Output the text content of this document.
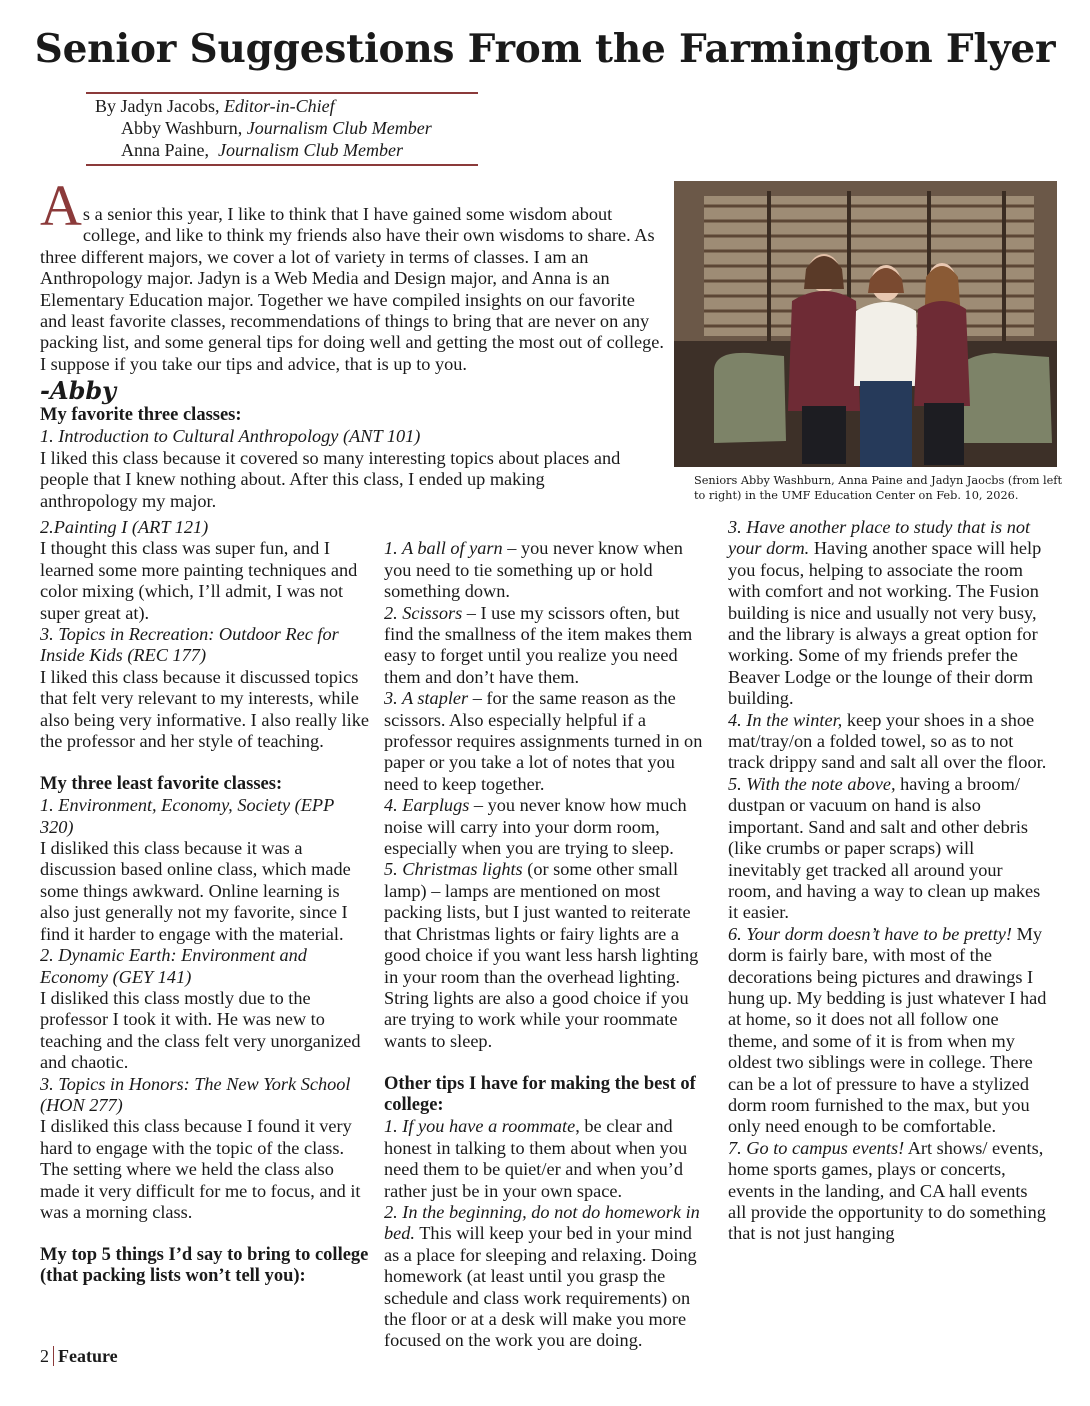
Senior Suggestions From the Farmington Flyer
By Jadyn Jacobs, Editor-in-Chief
Abby Washburn, Journalism Club Member
Anna Paine,  Journalism Club Member
Seniors Abby Washburn, Anna Paine and Jadyn Jaocbs (from left to right) in the UMF Education Center on Feb. 10, 2026.
A s a senior this year, I like to think that I have gained some wisdom about college, and like to think my friends also have their own wisdoms to share. As three different majors, we cover a lot of variety in terms of classes. I am an Anthropology major. Jadyn is a Web Media and Design major, and Anna is an Elementary Education major. Together we have compiled insights on our favorite and least favorite classes, recommendations of things to bring that are never on any packing list, and some general tips for doing well and getting the most out of college. I suppose if you take our tips and advice, that is up to you.

-Abby

My favorite three classes:

1. Introduction to Cultural Anthropology (ANT 101)

I liked this class because it covered so many interesting topics about places and people that I knew nothing about. After this class, I ended up making anthropology my major.

2.Painting I (ART 121)

I thought this class was super fun, and I learned some more painting techniques and color mixing (which, I’ll admit, I was not super great at).

3. Topics in Recreation: Outdoor Rec for Inside Kids (REC 177)

I liked this class because it discussed topics that felt very relevant to my interests, while also being very informative. I also really like the professor and her style of teaching.

My three least favorite classes:

1. Environment, Economy, Society (EPP 320)

I disliked this class because it was a discussion based online class, which made some things awkward. Online learning is also just generally not my favorite, since I find it harder to engage with the material.

2. Dynamic Earth: Environment and Economy (GEY 141)

I disliked this class mostly due to the professor I took it with. He was new to teaching and the class felt very unorganized and chaotic.

3. Topics in Honors: The New York School (HON 277)

I disliked this class because I found it very hard to engage with the topic of the class. The setting where we held the class also made it very difficult for me to focus, and it was a morning class.

My top 5 things I’d say to bring to college (that packing lists won’t tell you):

1. A ball of yarn – you never know when you need to tie something up or hold something down.

2. Scissors – I use my scissors often, but find the smallness of the item makes them easy to forget until you realize you need them and don’t have them.

3. A stapler – for the same reason as the scissors. Also especially helpful if a professor requires assignments turned in on paper or you take a lot of notes that you need to keep together.

4. Earplugs – you never know how much noise will carry into your dorm room, especially when you are trying to sleep.

5. Christmas lights (or some other small lamp) – lamps are mentioned on most packing lists, but I just wanted to reiterate that Christmas lights or fairy lights are a good choice if you want less harsh lighting in your room than the overhead lighting. String lights are also a good choice if you are trying to work while your roommate wants to sleep.

Other tips I have for making the best of college:

1. If you have a roommate, be clear and honest in talking to them about when you need them to be quiet/er and when you’d rather just be in your own space.

2. In the beginning, do not do homework in bed. This will keep your bed in your mind as a place for sleeping and relaxing. Doing homework (at least until you grasp the schedule and class work requirements) on the floor or at a desk will make you more focused on the work you are doing.

3. Have another place to study that is not your dorm. Having another space will help you focus, helping to associate the room with comfort and not working. The Fusion building is nice and usually not very busy, and the library is always a great option for working. Some of my friends prefer the Beaver Lodge or the lounge of their dorm building.

4. In the winter, keep your shoes in a shoe mat/tray/on a folded towel, so as to not track drippy sand and salt all over the floor.

5. With the note above, having a broom/ dustpan or vacuum on hand is also important. Sand and salt and other debris (like crumbs or paper scraps) will inevitably get tracked all around your room, and having a way to clean up makes it easier.

6. Your dorm doesn’t have to be pretty! My dorm is fairly bare, with most of the decorations being pictures and drawings I hung up. My bedding is just whatever I had at home, so it does not all follow one theme, and some of it is from when my oldest two siblings were in college. There can be a lot of pressure to have a stylized dorm room furnished to the max, but you only need enough to be comfortable.

7. Go to campus events! Art shows/ events, home sports games, plays or concerts, events in the landing, and CA hall events all provide the opportunity to do something that is not just hanging

2 Feature
